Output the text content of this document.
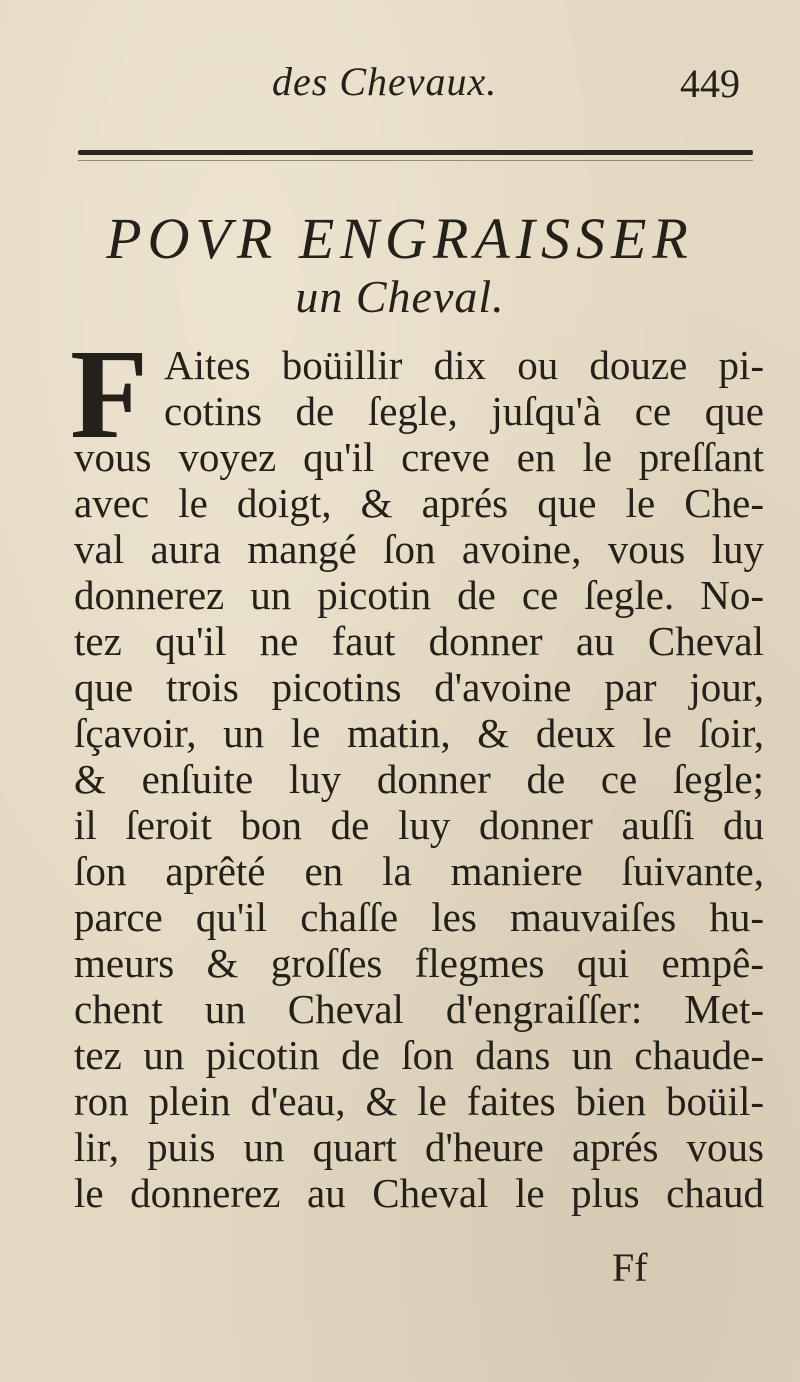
des Chevaux.	449
POVR ENGRAISSER
un Cheval.
F Aites boüillir dix ou douze pi-
cotins de ſegle, juſqu'à ce que
vous voyez qu'il creve en le preſſant
avec le doigt, & aprés que le Che-
val aura mangé ſon avoine, vous luy
donnerez un picotin de ce ſegle. No-
tez qu'il ne faut donner au Cheval
que trois picotins d'avoine par jour,
ſçavoir, un le matin, & deux le ſoir,
& enſuite luy donner de ce ſegle;
il ſeroit bon de luy donner auſſi du
ſon aprêté en la maniere ſuivante,
parce qu'il chaſſe les mauvaiſes hu-
meurs & groſſes flegmes qui empê-
chent un Cheval d'engraiſſer: Met-
tez un picotin de ſon dans un chaude-
ron plein d'eau, & le faites bien boüil-
lir, puis un quart d'heure aprés vous
le donnerez au Cheval le plus chaud
Ff
